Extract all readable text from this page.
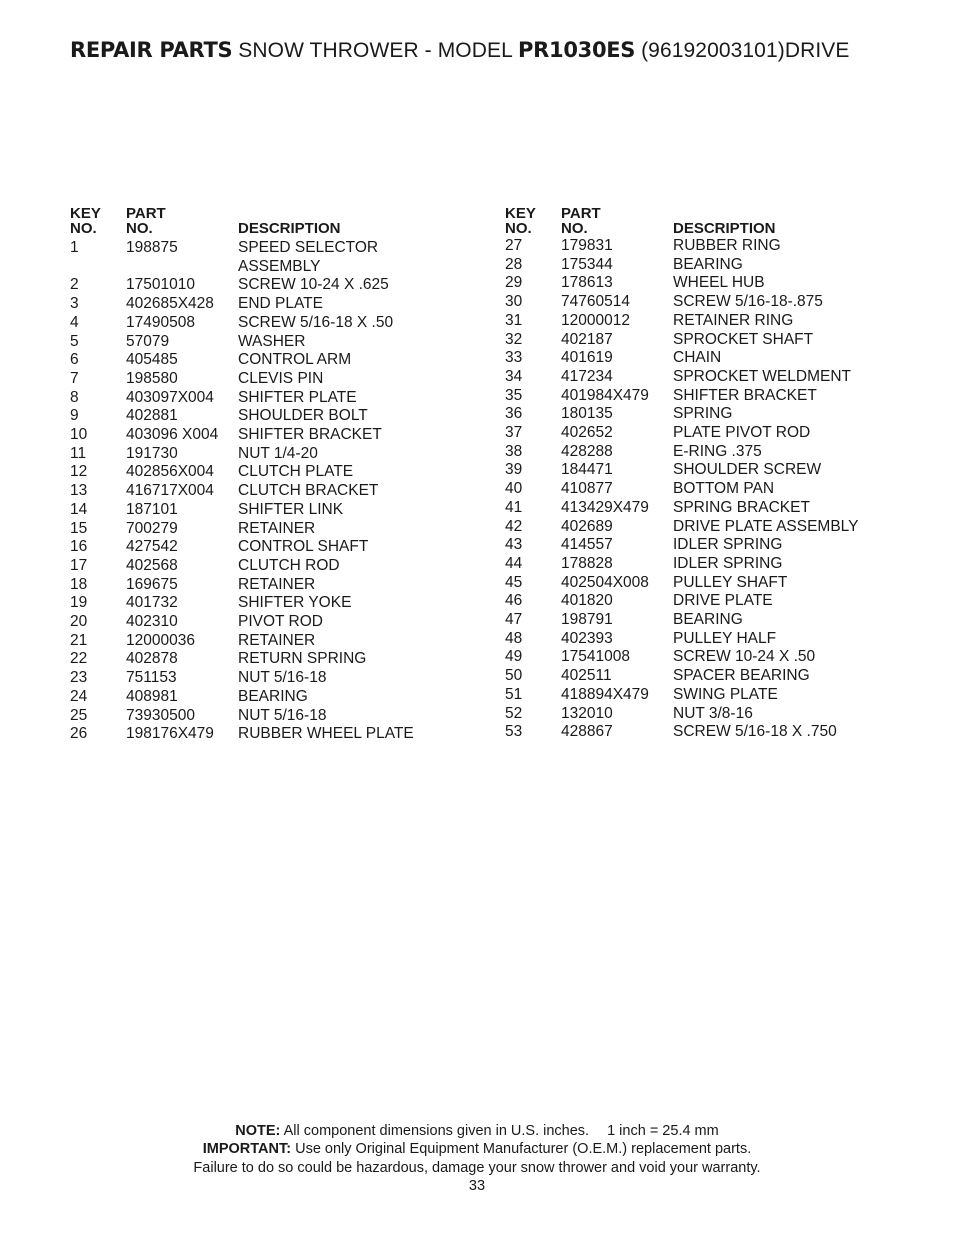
REPAIR PARTS SNOW THROWER - MODEL PR1030ES (96192003101)DRIVE
KEY
NO.
PART
NO.	DESCRIPTION
1	198875	SPEED SELECTOR ASSEMBLY
2	17501010	SCREW 10-24 X .625
3	402685X428 END PLATE
4	17490508	SCREW 5/16-18 X .50
5	57079	WASHER
6	405485	CONTROL ARM
7	198580	CLEVIS PIN
8	403097X004 SHIFTER PLATE
9	402881	SHOULDER BOLT
10	403096 X004 SHIFTER BRACKET
11	191730	NUT 1/4-20
12	402856X004 CLUTCH PLATE
13	416717X004 CLUTCH BRACKET
14	187101	SHIFTER LINK
15	700279	RETAINER
16	427542	CONTROL SHAFT
17	402568	CLUTCH ROD
18	169675	RETAINER
19	401732	SHIFTER YOKE
20	402310	PIVOT ROD
21	12000036	RETAINER
22	402878	RETURN SPRING
23	751153	NUT 5/16-18
24	408981	BEARING
25	73930500	NUT 5/16-18
26	198176X479 RUBBER WHEEL PLATE
KEY
NO.
PART
NO.	DESCRIPTION
27	179831	RUBBER RING
28	175344	BEARING
29	178613	WHEEL HUB
30	74760514	SCREW 5/16-18-.875
31	12000012	RETAINER RING
32	402187	SPROCKET SHAFT
33	401619	CHAIN
34	417234	SPROCKET WELDMENT
35	401984X479 SHIFTER BRACKET
36	180135	SPRING
37	402652	PLATE PIVOT ROD
38	428288	E-RING .375
39	184471	SHOULDER SCREW
40	410877	BOTTOM PAN
41	413429X479 SPRING BRACKET
42	402689	DRIVE PLATE ASSEMBLY
43	414557	IDLER SPRING
44	178828	IDLER SPRING
45	402504X008 PULLEY SHAFT
46	401820	DRIVE PLATE
47	198791	BEARING
48	402393	PULLEY HALF
49	17541008	SCREW 10-24 X .50
50	402511	SPACER BEARING
51	418894X479 SWING PLATE
52	132010	NUT 3/8-16
53	428867	SCREW 5/16-18 X .750
NOTE: All component dimensions given in U.S. inches. 1 inch = 25.4 mm
IMPORTANT: Use only Original Equipment Manufacturer (O.E.M.) replacement parts.
Failure to do so could be hazardous, damage your snow thrower and void your warranty.
33
